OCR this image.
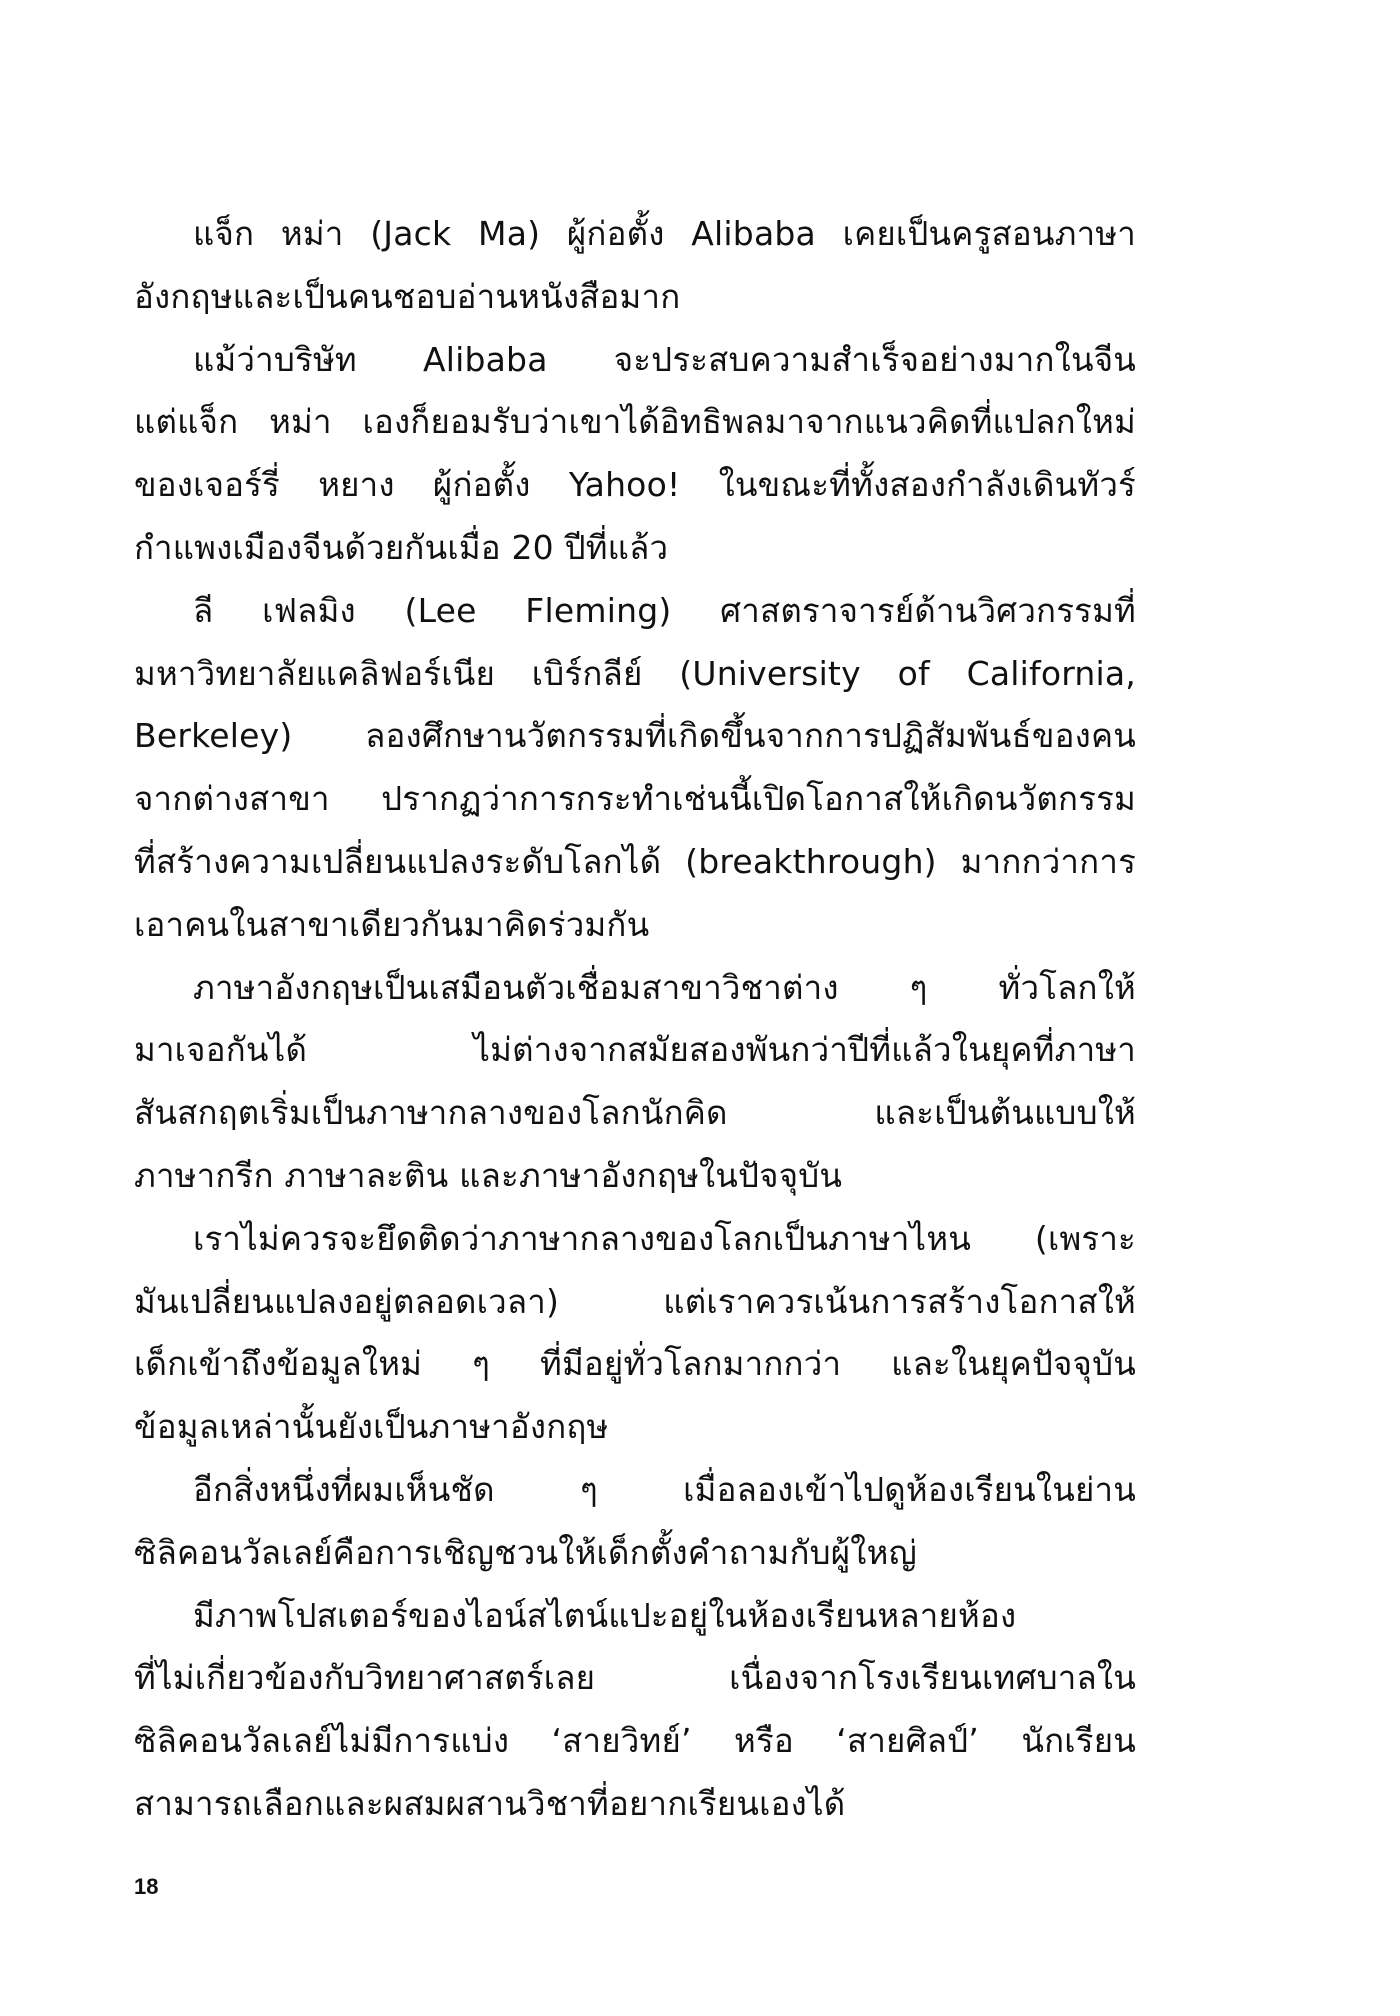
แจ็ก หม่า (Jack Ma) ผู้ก่อตั้ง Alibaba เคยเป็นครูสอนภาษา
อังกฤษและเป็นคนชอบอ่านหนังสือมาก
แม้ว่าบริษัท Alibaba จะประสบความสำเร็จอย่างมากในจีน
แต่แจ็ก หม่า เองก็ยอมรับว่าเขาได้อิทธิพลมาจากแนวคิดที่แปลกใหม่
ของเจอร์รี่ หยาง ผู้ก่อตั้ง Yahoo! ในขณะที่ทั้งสองกำลังเดินทัวร์
กำแพงเมืองจีนด้วยกันเมื่อ 20 ปีที่แล้ว
ลี เฟลมิง (Lee Fleming) ศาสตราจารย์ด้านวิศวกรรมที่
มหาวิทยาลัยแคลิฟอร์เนีย เบิร์กลีย์ (University of California,
Berkeley) ลองศึกษานวัตกรรมที่เกิดขึ้นจากการปฏิสัมพันธ์ของคน
จากต่างสาขา ปรากฏว่าการกระทำเช่นนี้เปิดโอกาสให้เกิดนวัตกรรม
ที่สร้างความเปลี่ยนแปลงระดับโลกได้ (breakthrough) มากกว่าการ
เอาคนในสาขาเดียวกันมาคิดร่วมกัน
ภาษาอังกฤษเป็นเสมือนตัวเชื่อมสาขาวิชาต่าง ๆ ทั่วโลกให้
มาเจอกันได้ ไม่ต่างจากสมัยสองพันกว่าปีที่แล้วในยุคที่ภาษา
สันสกฤตเริ่มเป็นภาษากลางของโลกนักคิด และเป็นต้นแบบให้
ภาษากรีก ภาษาละติน และภาษาอังกฤษในปัจจุบัน
เราไม่ควรจะยึดติดว่าภาษากลางของโลกเป็นภาษาไหน (เพราะ
มันเปลี่ยนแปลงอยู่ตลอดเวลา) แต่เราควรเน้นการสร้างโอกาสให้
เด็กเข้าถึงข้อมูลใหม่ ๆ ที่มีอยู่ทั่วโลกมากกว่า และในยุคปัจจุบัน
ข้อมูลเหล่านั้นยังเป็นภาษาอังกฤษ
อีกสิ่งหนึ่งที่ผมเห็นชัด ๆ เมื่อลองเข้าไปดูห้องเรียนในย่าน
ซิลิคอนวัลเลย์คือการเชิญชวนให้เด็กตั้งคำถามกับผู้ใหญ่
มีภาพโปสเตอร์ของไอน์สไตน์แปะอยู่ในห้องเรียนหลายห้อง
ที่ไม่เกี่ยวข้องกับวิทยาศาสตร์เลย เนื่องจากโรงเรียนเทศบาลใน
ซิลิคอนวัลเลย์ไม่มีการแบ่ง ‘สายวิทย์’ หรือ ‘สายศิลป์’ นักเรียน
สามารถเลือกและผสมผสานวิชาที่อยากเรียนเองได้
18
